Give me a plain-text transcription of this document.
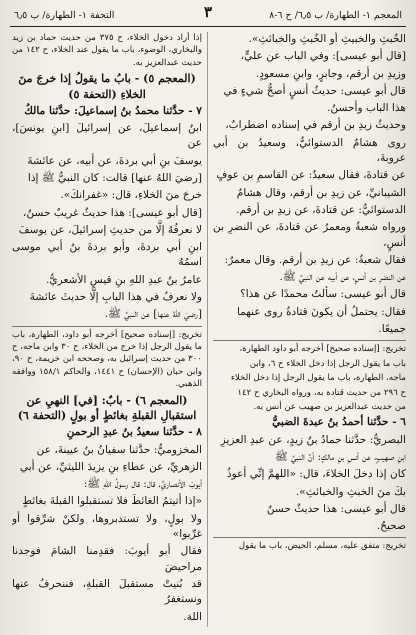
المعجم ١- الطهارة/ ب ٦٫٥/ ح ٦-٨
٣
التحفة ١- الطهارة/ ب ٦٫٥

الخُبثِ والخبيثِ أو الخُبثِ والخبائثِ».

[قال أبو عيسى]: وفي الباب عن عليٍّ،

وزيدِ بن أرقم، وجابرٍ، وابنِ مسعودٍ.

قال أبو عيسى: حديثُ أنسٍ أصحُّ شيءٍ في

هذا الباب وأحسنُ.

وحديثُ زيدِ بن أرقم في إسناده اضطرابٌ،

روى هشامٌ الدستوائيُّ، وسعيدُ بن أبي عروبةَ،

عن قتادةَ، فقال سعيدٌ: عن القاسمِ بن عوفٍ

الشيبانيِّ، عن زيدِ بن أرقم، وقال هشامٌ

الدستوائيُّ: عن قتادةَ، عن زيدِ بن أرقم.

ورواه شعبةُ ومعمرٌ عن قتادةَ، عن النضرِ بن أنسٍ،

فقال شعبةُ: عن زيدِ بن أرقم. وقال معمرٌ:

عن النضرِ بن أنسٍ، عن أبيه عن النبيِّ ﷺ.

قال أبو عيسى: سألتُ محمدًا عن هذا؟

فقال: يحتملُ أن يكونَ قتادةُ روى عنهما

جميعًا.

تخريج: [إسناده صحيح] أخرجه أبو داود الطهارة،

باب ما يقول الرجل إذا دخل الخلاء ح ٦، وابن

ماجه، الطهارة، باب ما يقول الرجل إذا دخل الخلاء

ح ٢٩٦ من حديث قتادة به، ورواه البخاري ح ١٤٢

من حديث عبدالعزيز بن صهيب عن أنس به.

٦ - حدَّثنا أحمدُ بنُ عبدةَ الضبيُّ

البصريُّ: حدَّثنا حمادُ بنُ زيدٍ، عن عبدِ العزيزِ

ابنِ صهيبٍ، عن أنسِ بنِ مالكٍ: أنَّ النبيَّ ﷺ

كان إذا دخلَ الخلاءَ، قال: «اللهمَّ إنِّي أعوذُ

بكَ منَ الخبثِ والخبائثِ».

قال أبو عيسى: هذا حديثٌ حسنٌ

صحيحٌ.

تخريج: متفق عليه، مسلم، الحيض، باب ما يقول

إذا أراد دخول الخلاء، ح ٣٧٥ من حديث حماد بن زيد والبخاري، الوضوء، باب ما يقول عند الخلاء، ح ١٤٢ من حديث عبدالعزيز به.

(المعجم ٥) - بابُ ما يقولُ إذا خرجَ منَ الخلاءِ (التحفة ٥)

٧ - حدَّثنا محمدُ بنُ إسماعيلَ: حدَّثنا مالكُ

ابنُ إسماعيلَ، عن إسرائيلَ [ابنِ يونسَ]، عن

يوسفَ بنِ أبي بردةَ، عن أبيه، عن عائشةَ

[رضيَ اللهُ عنها] قالت: كان النبيُّ ﷺ إذا

خرجَ منَ الخلاءِ، قال: «غفرانكَ».

[قال أبو عيسى]: هذا حديثٌ غريبٌ حسنٌ،

لا نعرفُهُ إلَّا من حديثِ إسرائيلَ، عن يوسفَ

ابنِ أبي بردةَ، وأبو بردةَ بنُ أبي موسى اسمُهُ

عامرُ بنُ عبدِ اللهِ بنِ قيسٍ الأشعريُّ.

ولا نعرفُ في هذا البابِ إلَّا حديثَ عائشةَ

[رضيَ اللهُ عنها] عن النبيِّ ﷺ.

تخريج: [إسناده صحيح] أخرجه أبو داود، الطهارة، باب ما يقول الرجل إذا خرج من الخلاء، ح ٣٠ وابن ماجه، ح ٣٠٠ من حديث إسرائيل به، وصححه ابن خزيمة، ح ٩٠، وابن حبان (الإحسان) ح ١٤٤١، والحاكم ١٥٨/١ ووافقه الذهبي.

(المعجم ٦) - بابٌ: [في] النهيِ عن استقبالِ القبلةِ بغائطٍ أو بولٍ (التحفة ٦)

٨ - حدَّثنا سعيدُ بنُ عبدِ الرحمنِ

المخزوميُّ: حدَّثنا سفيانُ بنُ عيينةَ، عن

الزهريِّ، عن عطاءِ بنِ يزيدَ الليثيِّ، عن أبي

أيوبَ الأنصاريِّ، قال: قال رسولُ اللهِ ﷺ:

«إذا أتيتمُ الغائطَ فلا تستقبلوا القبلةَ بغائطٍ

ولا بولٍ، ولا تستدبروها، ولكنْ شرِّقوا أو غرِّبوا»

فقال أبو أيوبَ: فقدِمنا الشامَ فوجدنا مراحيضَ

قد بُنيتْ مستقبلَ القبلةِ، فننحرفُ عنها ونستغفرُ

اللهَ.
